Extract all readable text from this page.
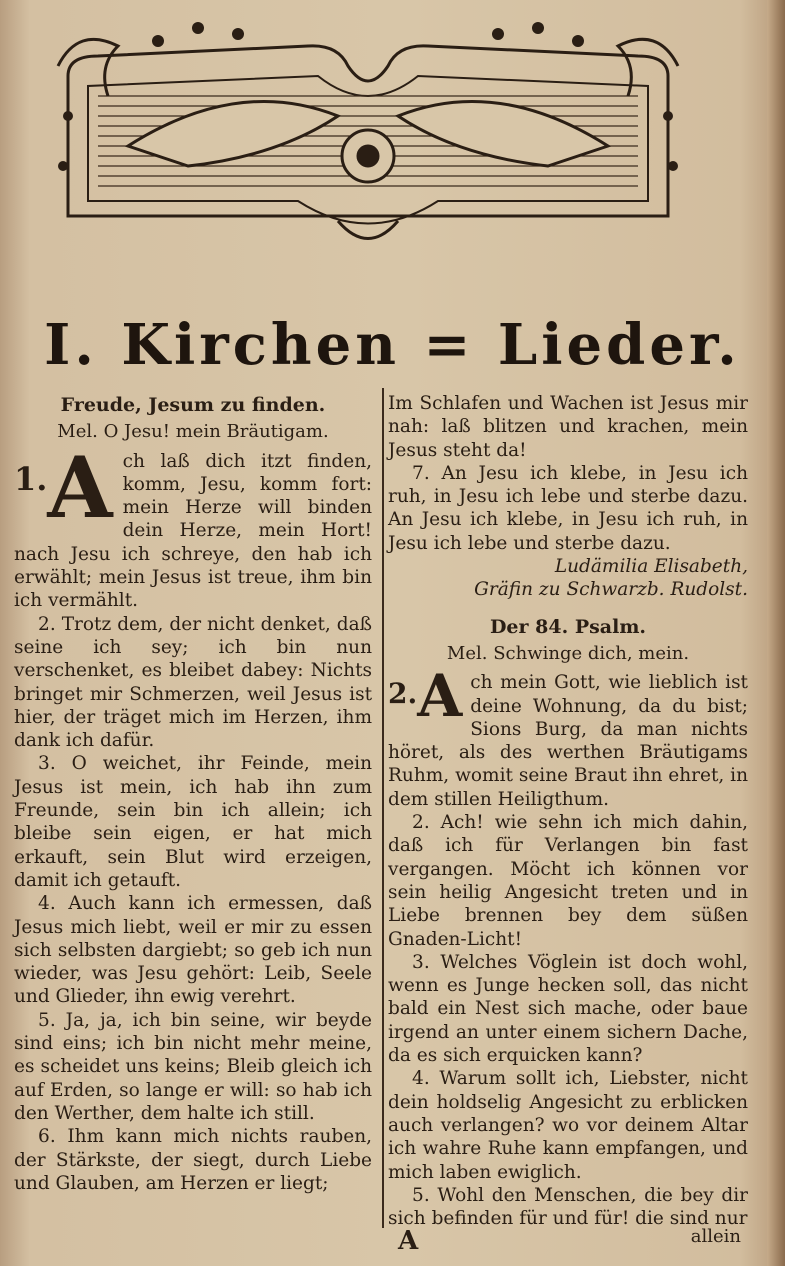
I. Kirchen = Lieder.
Freude, Jesum zu finden.
Mel. O Jesu! mein Bräutigam.
1. A ch laß dich itzt finden, komm, Jesu, komm fort: mein Herze will binden dein Herze, mein Hort! nach Jesu ich schreye, den hab ich erwählt; mein Jesus ist treue, ihm bin ich vermählt.

2. Trotz dem, der nicht denket, daß seine ich sey; ich bin nun verschenket, es bleibet dabey: Nichts bringet mir Schmerzen, weil Jesus ist hier, der träget mich im Herzen, ihm dank ich dafür.

3. O weichet, ihr Feinde, mein Jesus ist mein, ich hab ihn zum Freunde, sein bin ich allein; ich bleibe sein eigen, er hat mich erkauft, sein Blut wird erzeigen, damit ich getauft.

4. Auch kann ich ermessen, daß Jesus mich liebt, weil er mir zu essen sich selbsten dargiebt; so geb ich nun wieder, was Jesu gehört: Leib, Seele und Glieder, ihn ewig verehrt.

5. Ja, ja, ich bin seine, wir beyde sind eins; ich bin nicht mehr meine, es scheidet uns keins; Bleib gleich ich auf Erden, so lange er will: so hab ich den Werther, dem halte ich still.

6. Ihm kann mich nichts rauben, der Stärkste, der siegt, durch Liebe und Glauben, am Herzen er liegt;

Im Schlafen und Wachen ist Jesus mir nah: laß blitzen und krachen, mein Jesus steht da!

7. An Jesu ich klebe, in Jesu ich ruh, in Jesu ich lebe und sterbe dazu. An Jesu ich klebe, in Jesu ich ruh, in Jesu ich lebe und sterbe dazu.

Ludämilia Elisabeth,

Gräfin zu Schwarzb. Rudolst.

Der 84. Psalm.
Mel. Schwinge dich, mein.
2. A ch mein Gott, wie lieblich ist deine Wohnung, da du bist; Sions Burg, da man nichts höret, als des werthen Bräutigams Ruhm, womit seine Braut ihn ehret, in dem stillen Heiligthum.

2. Ach! wie sehn ich mich dahin, daß ich für Verlangen bin fast vergangen. Möcht ich können vor sein heilig Angesicht treten und in Liebe brennen bey dem süßen Gnaden-Licht!

3. Welches Vöglein ist doch wohl, wenn es Junge hecken soll, das nicht bald ein Nest sich mache, oder baue irgend an unter einem sichern Dache, da es sich erquicken kann?

4. Warum sollt ich, Liebster, nicht dein holdselig Angesicht zu erblicken auch verlangen? wo vor deinem Altar ich wahre Ruhe kann empfangen, und mich laben ewiglich.

5. Wohl den Menschen, die bey dir sich befinden für und für! die sind nur

A	allein
